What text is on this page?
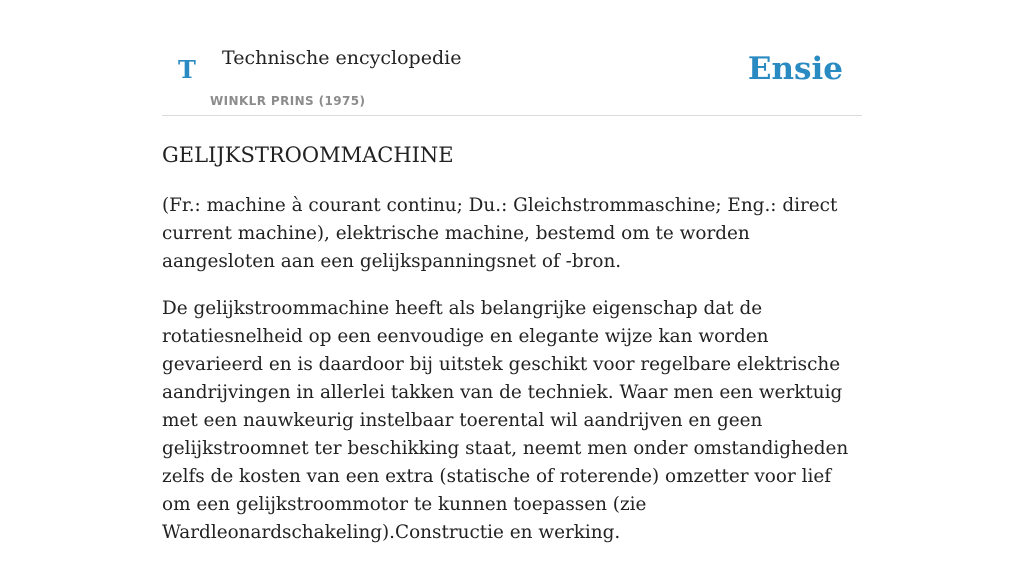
T Technische encyclopedie
WINKLR PRINS (1975)
Ensie
GELIJKSTROOMMACHINE

(Fr.: machine à courant continu; Du.: Gleichstrommaschine; Eng.: direct current machine), elektrische machine, bestemd om te worden aangesloten aan een gelijkspanningsnet of -bron.

De gelijkstroommachine heeft als belangrijke eigenschap dat de rotatiesnelheid op een eenvoudige en elegante wijze kan worden gevarieerd en is daardoor bij uitstek geschikt voor regelbare elektrische aandrijvingen in allerlei takken van de techniek. Waar men een werktuig met een nauwkeurig instelbaar toerental wil aandrijven en geen gelijkstroomnet ter beschikking staat, neemt men onder omstandigheden zelfs de kosten van een extra (statische of roterende) omzetter voor lief om een gelijkstroommotor te kunnen toepassen (zie Wardleonardschakeling).Constructie en werking.
